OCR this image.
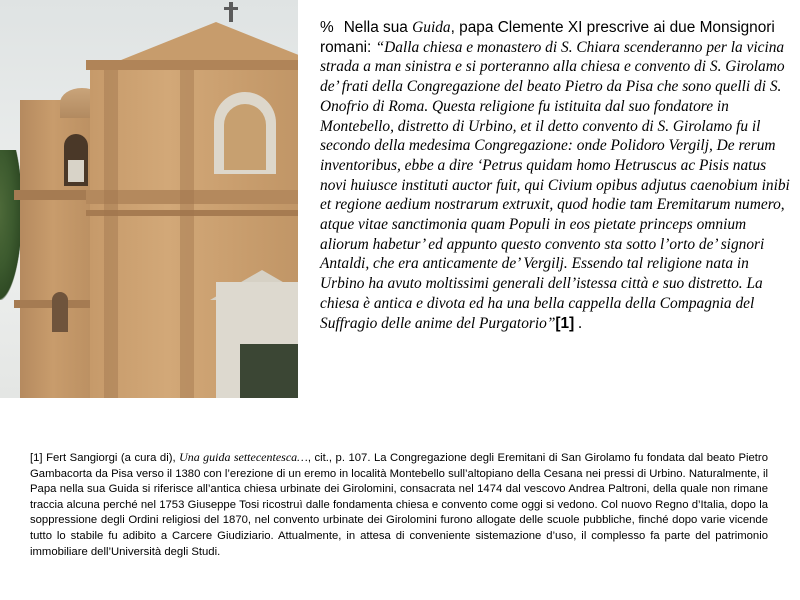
% Nella sua Guida, papa Clemente XI prescrive ai due Monsignori romani: “Dalla chiesa e monastero di S. Chiara scenderanno per la vicina strada a man sinistra e si porteranno alla chiesa e convento di S. Girolamo de’ frati della Congregazione del beato Pietro da Pisa che sono quelli di S. Onofrio di Roma. Questa religione fu istituita dal suo fondatore in Montebello, distretto di Urbino, et il detto convento di S. Girolamo fu il secondo della medesima Congregazione: onde Polidoro Vergilj, De rerum inventoribus, ebbe a dire ‘Petrus quidam homo Hetruscus ac Pisis natus novi huiusce instituti auctor fuit, qui Civium opibus adjutus caenobium inibi et regione aedium nostrarum extruxit, quod hodie tam Eremitarum numero, atque vitae sanctimonia quam Populi in eos pietate princeps omnium aliorum habetur’ ed appunto questo convento sta sotto l’orto de’ signori Antaldi, che era anticamente de’ Vergilj. Essendo tal religione nata in Urbino ha avuto moltissimi generali dell’istessa città e suo distretto. La chiesa è antica e divota ed ha una bella cappella della Compagnia del Suffragio delle anime del Purgatorio”[1] .
[1] Fert Sangiorgi (a cura di), Una guida settecentesca…, cit., p. 107. La Congregazione degli Eremitani di San Girolamo fu fondata dal beato Pietro Gambacorta da Pisa verso il 1380 con l’erezione di un eremo in località Montebello sull’altopiano della Cesana nei pressi di Urbino. Naturalmente, il Papa nella sua Guida si riferisce all’antica chiesa urbinate dei Girolomini, consacrata nel 1474 dal vescovo Andrea Paltroni, della quale non rimane traccia alcuna perché nel 1753 Giuseppe Tosi ricostruì dalle fondamenta chiesa e convento come oggi si vedono. Col nuovo Regno d’Italia, dopo la soppressione degli Ordini religiosi del 1870, nel convento urbinate dei Girolomini furono allogate delle scuole pubbliche, finché dopo varie vicende tutto lo stabile fu adibito a Carcere Giudiziario. Attualmente, in attesa di conveniente sistemazione d’uso, il complesso fa parte del patrimonio immobiliare dell’Università degli Studi.
